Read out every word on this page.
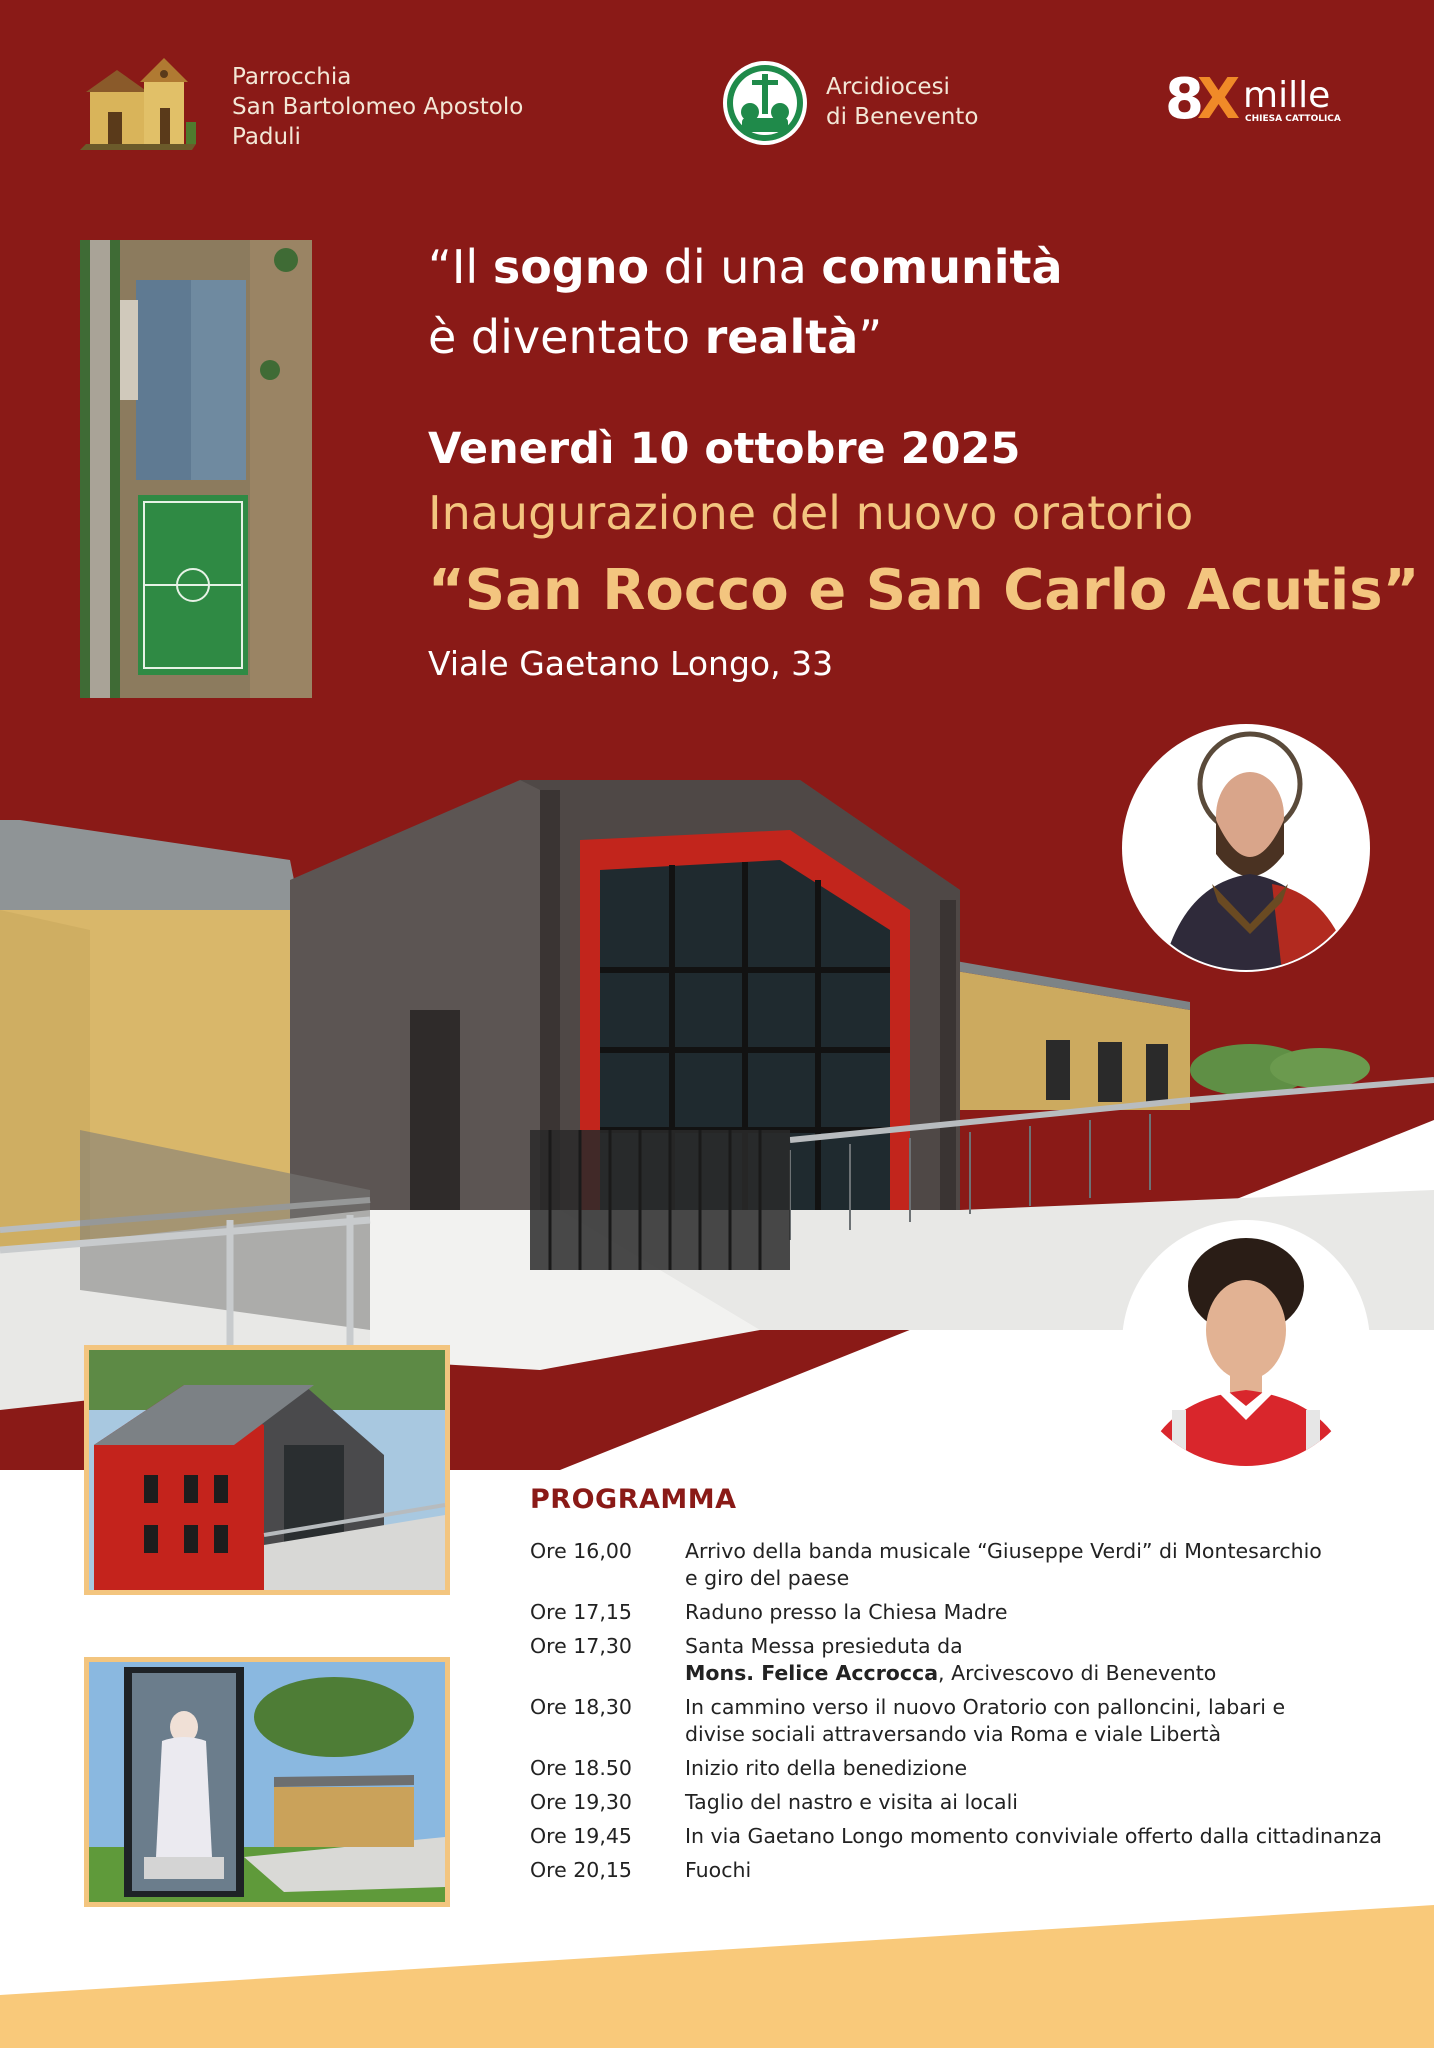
Parrocchia
San Bartolomeo Apostolo
Paduli
Arcidiocesi
di Benevento	8
X mille
CHIESA CATTOLICA
“Il sogno di una comunità
è diventato realtà”
Venerdì 10 ottobre 2025
Inaugurazione del nuovo oratorio
“San Rocco e San Carlo Acutis”
Viale Gaetano Longo, 33
PROGRAMMA
Ore 16,00	Arrivo della banda musicale “Giuseppe Verdi” di Montesarchio
e giro del paese
Ore 17,15	Raduno presso la Chiesa Madre
Ore 17,30	Santa Messa presieduta da
Mons. Felice Accrocca, Arcivescovo di Benevento
Ore 18,30	In cammino verso il nuovo Oratorio con palloncini, labari e
divise sociali attraversando via Roma e viale Libertà
Ore 18.50	Inizio rito della benedizione
Ore 19,30	Taglio del nastro e visita ai locali
Ore 19,45	In via Gaetano Longo momento conviviale offerto dalla cittadinanza
Ore 20,15	Fuochi
